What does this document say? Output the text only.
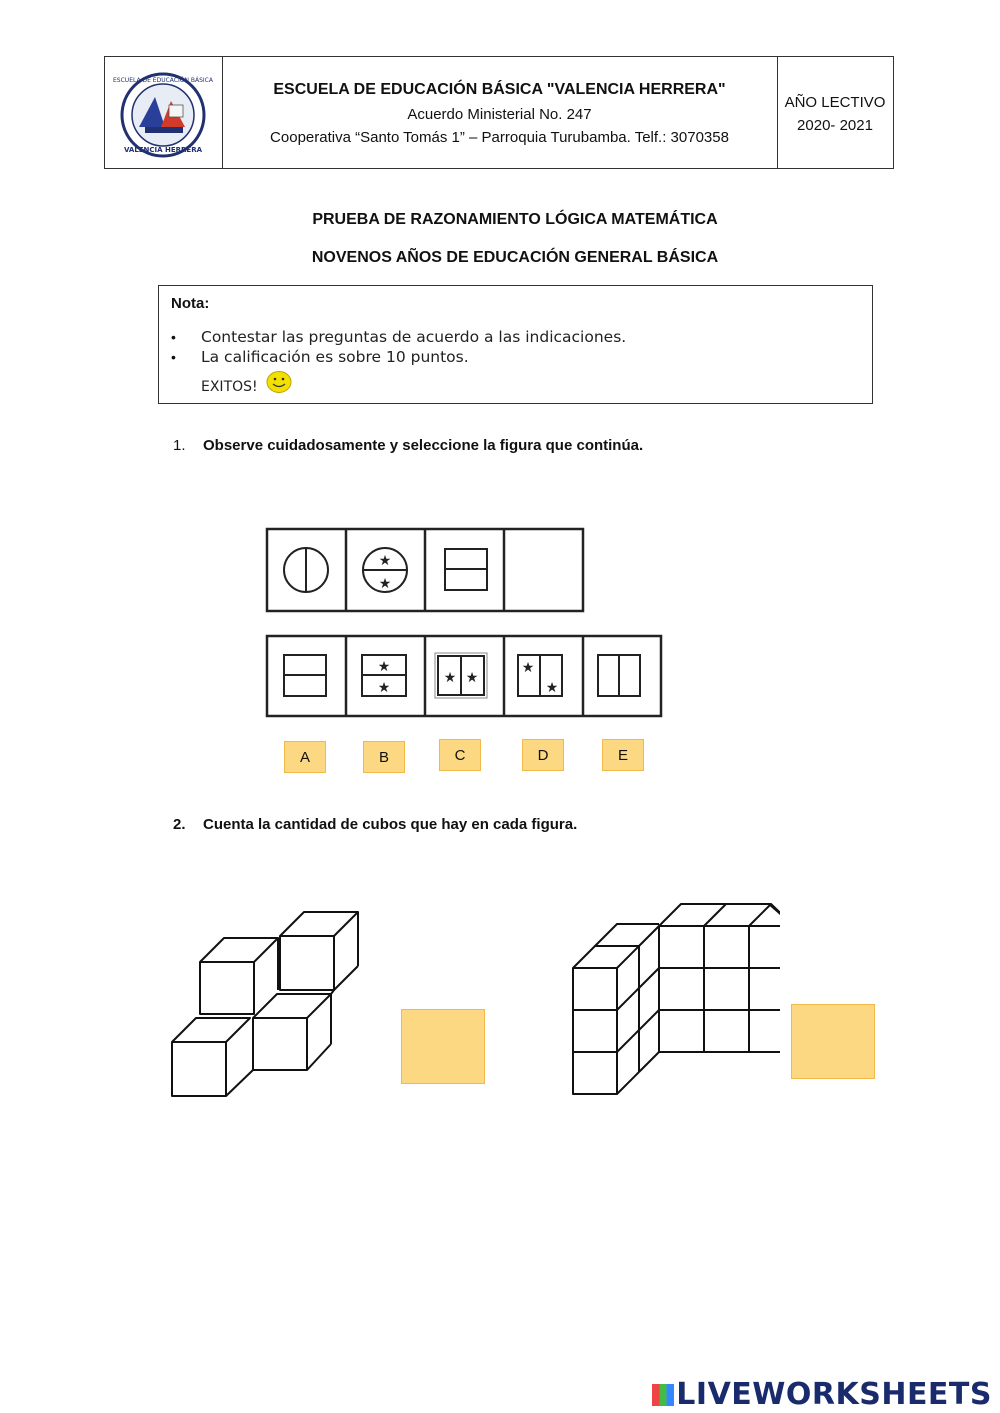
ESCUELA DE EDUCACIÓN BÁSICA
VALENCIA HERRERA
ESCUELA DE EDUCACIÓN BÁSICA "VALENCIA HERRERA"
Acuerdo Ministerial No. 247
Cooperativa “Santo Tomás 1” – Parroquia Turubamba. Telf.: 3070358
AÑO LECTIVO
2020- 2021
PRUEBA DE RAZONAMIENTO LÓGICA MATEMÁTICA
NOVENOS AÑOS DE EDUCACIÓN GENERAL BÁSICA
Nota:
• Contestar las preguntas de acuerdo a las indicaciones.
• La calificación es sobre 10 puntos.
EXITOS!
1. Observe cuidadosamente y seleccione la figura que continúa.
★
★
★
★
★ ★
★
★
A	B	C	D	E
2. Cuenta la cantidad de cubos que hay en cada figura.
LIVEWORKSHEETS
